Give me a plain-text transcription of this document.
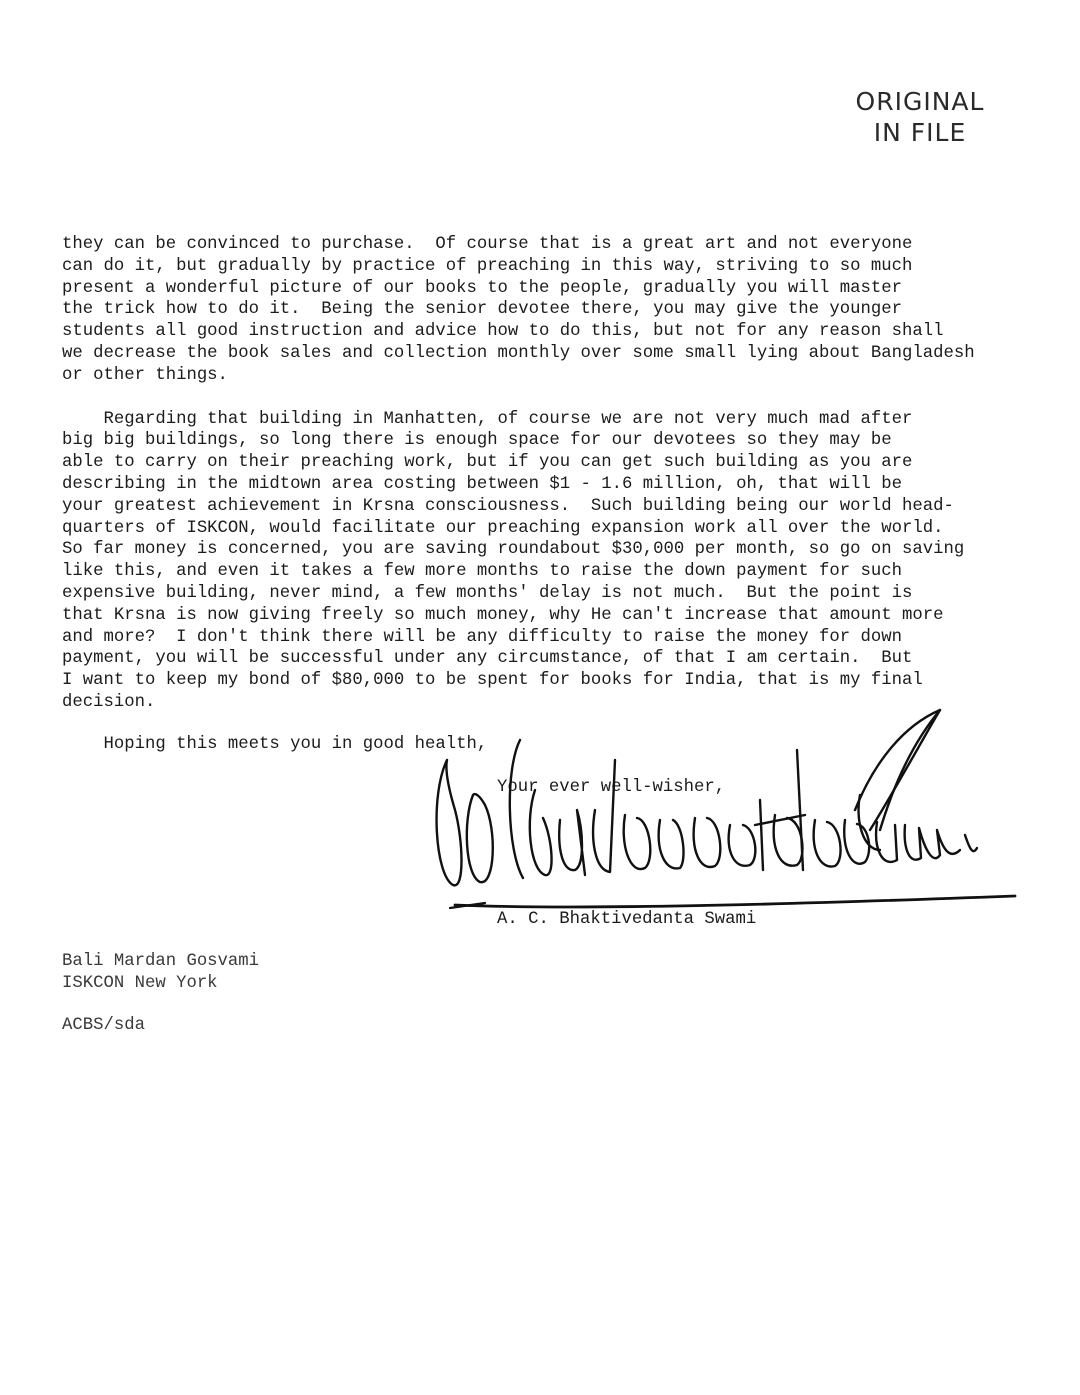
ORIGINAL
IN FILE
they can be convinced to purchase.  Of course that is a great art and not everyone
can do it, but gradually by practice of preaching in this way, striving to so much
present a wonderful picture of our books to the people, gradually you will master
the trick how to do it.  Being the senior devotee there, you may give the younger
students all good instruction and advice how to do this, but not for any reason shall
we decrease the book sales and collection monthly over some small lying about Bangladesh
or other things.
Regarding that building in Manhatten, of course we are not very much mad after
big big buildings, so long there is enough space for our devotees so they may be
able to carry on their preaching work, but if you can get such building as you are
describing in the midtown area costing between $1 - 1.6 million, oh, that will be
your greatest achievement in Krsna consciousness.  Such building being our world head-
quarters of ISKCON, would facilitate our preaching expansion work all over the world.
So far money is concerned, you are saving roundabout $30,000 per month, so go on saving
like this, and even it takes a few more months to raise the down payment for such
expensive building, never mind, a few months' delay is not much.  But the point is
that Krsna is now giving freely so much money, why He can't increase that amount more
and more?  I don't think there will be any difficulty to raise the money for down
payment, you will be successful under any circumstance, of that I am certain.  But
I want to keep my bond of $80,000 to be spent for books for India, that is my final
decision.
Hoping this meets you in good health,
Your ever well-wisher,
A. C. Bhaktivedanta Swami
Bali Mardan Gosvami
ISKCON New York
ACBS/sda
